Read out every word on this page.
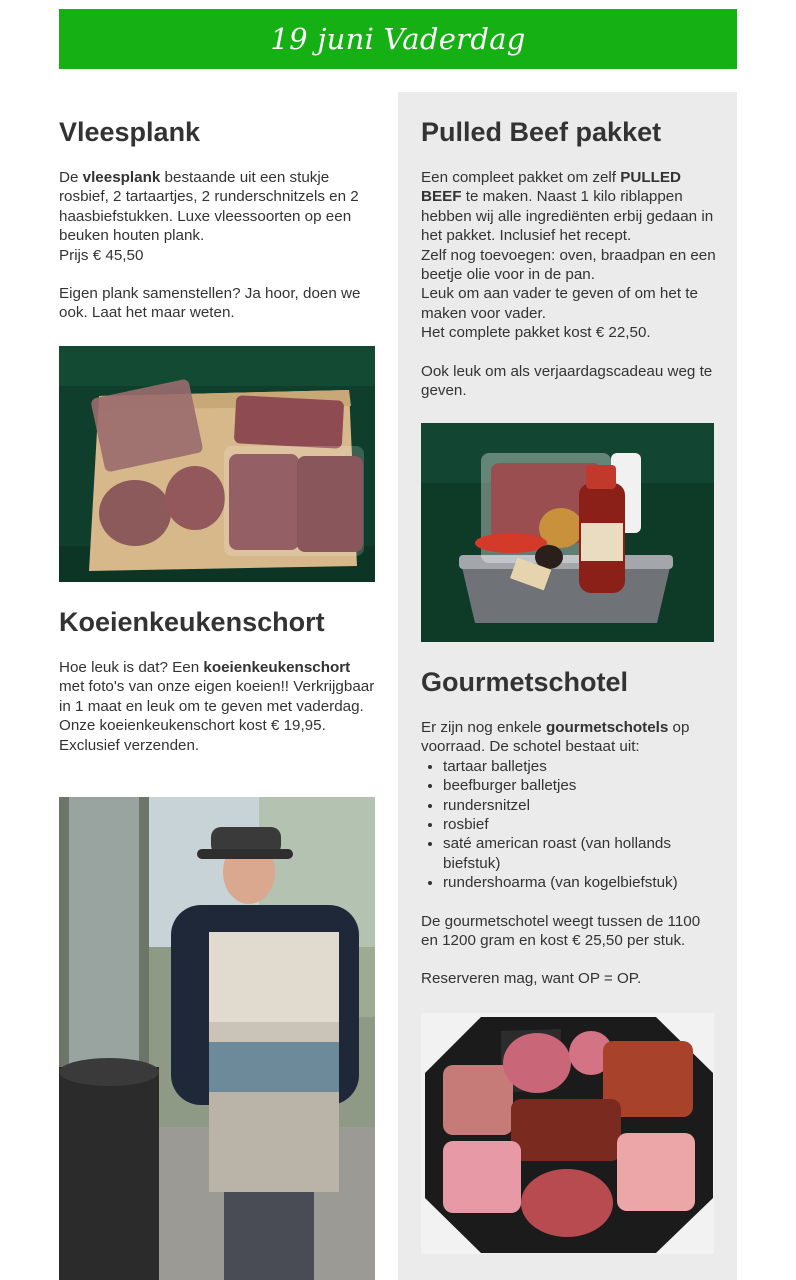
19 juni Vaderdag
Vleesplank

De vleesplank bestaande uit een stukje rosbief, 2 tartaartjes, 2 runderschnitzels en 2 haasbiefstukken. Luxe vleessoorten op een beuken houten plank.

Prijs € 45,50

Eigen plank samenstellen? Ja hoor, doen we ook. Laat het maar weten.

Koeienkeukenschort

Hoe leuk is dat? Een koeienkeukenschort met foto's van onze eigen koeien!! Verkrijgbaar in 1 maat en leuk om te geven met vaderdag.

Onze koeienkeukenschort kost € 19,95.

Exclusief verzenden.

Pulled Beef pakket

Een compleet pakket om zelf PULLED BEEF te maken. Naast 1 kilo riblappen hebben wij alle ingrediënten erbij gedaan in het pakket. Inclusief het recept.

Zelf nog toevoegen: oven, braadpan en een beetje olie voor in de pan.

Leuk om aan vader te geven of om het te maken voor vader.

Het complete pakket kost € 22,50.

Ook leuk om als verjaardagscadeau weg te geven.

Gourmetschotel

Er zijn nog enkele gourmetschotels op voorraad. De schotel bestaat uit:

• tartaar balletjes
• beefburger balletjes
• rundersnitzel
• rosbief
• saté american roast (van hollands biefstuk)
• rundershoarma (van kogelbiefstuk)

De gourmetschotel weegt tussen de 1100 en 1200 gram en kost € 25,50 per stuk.

Reserveren mag, want OP = OP.
